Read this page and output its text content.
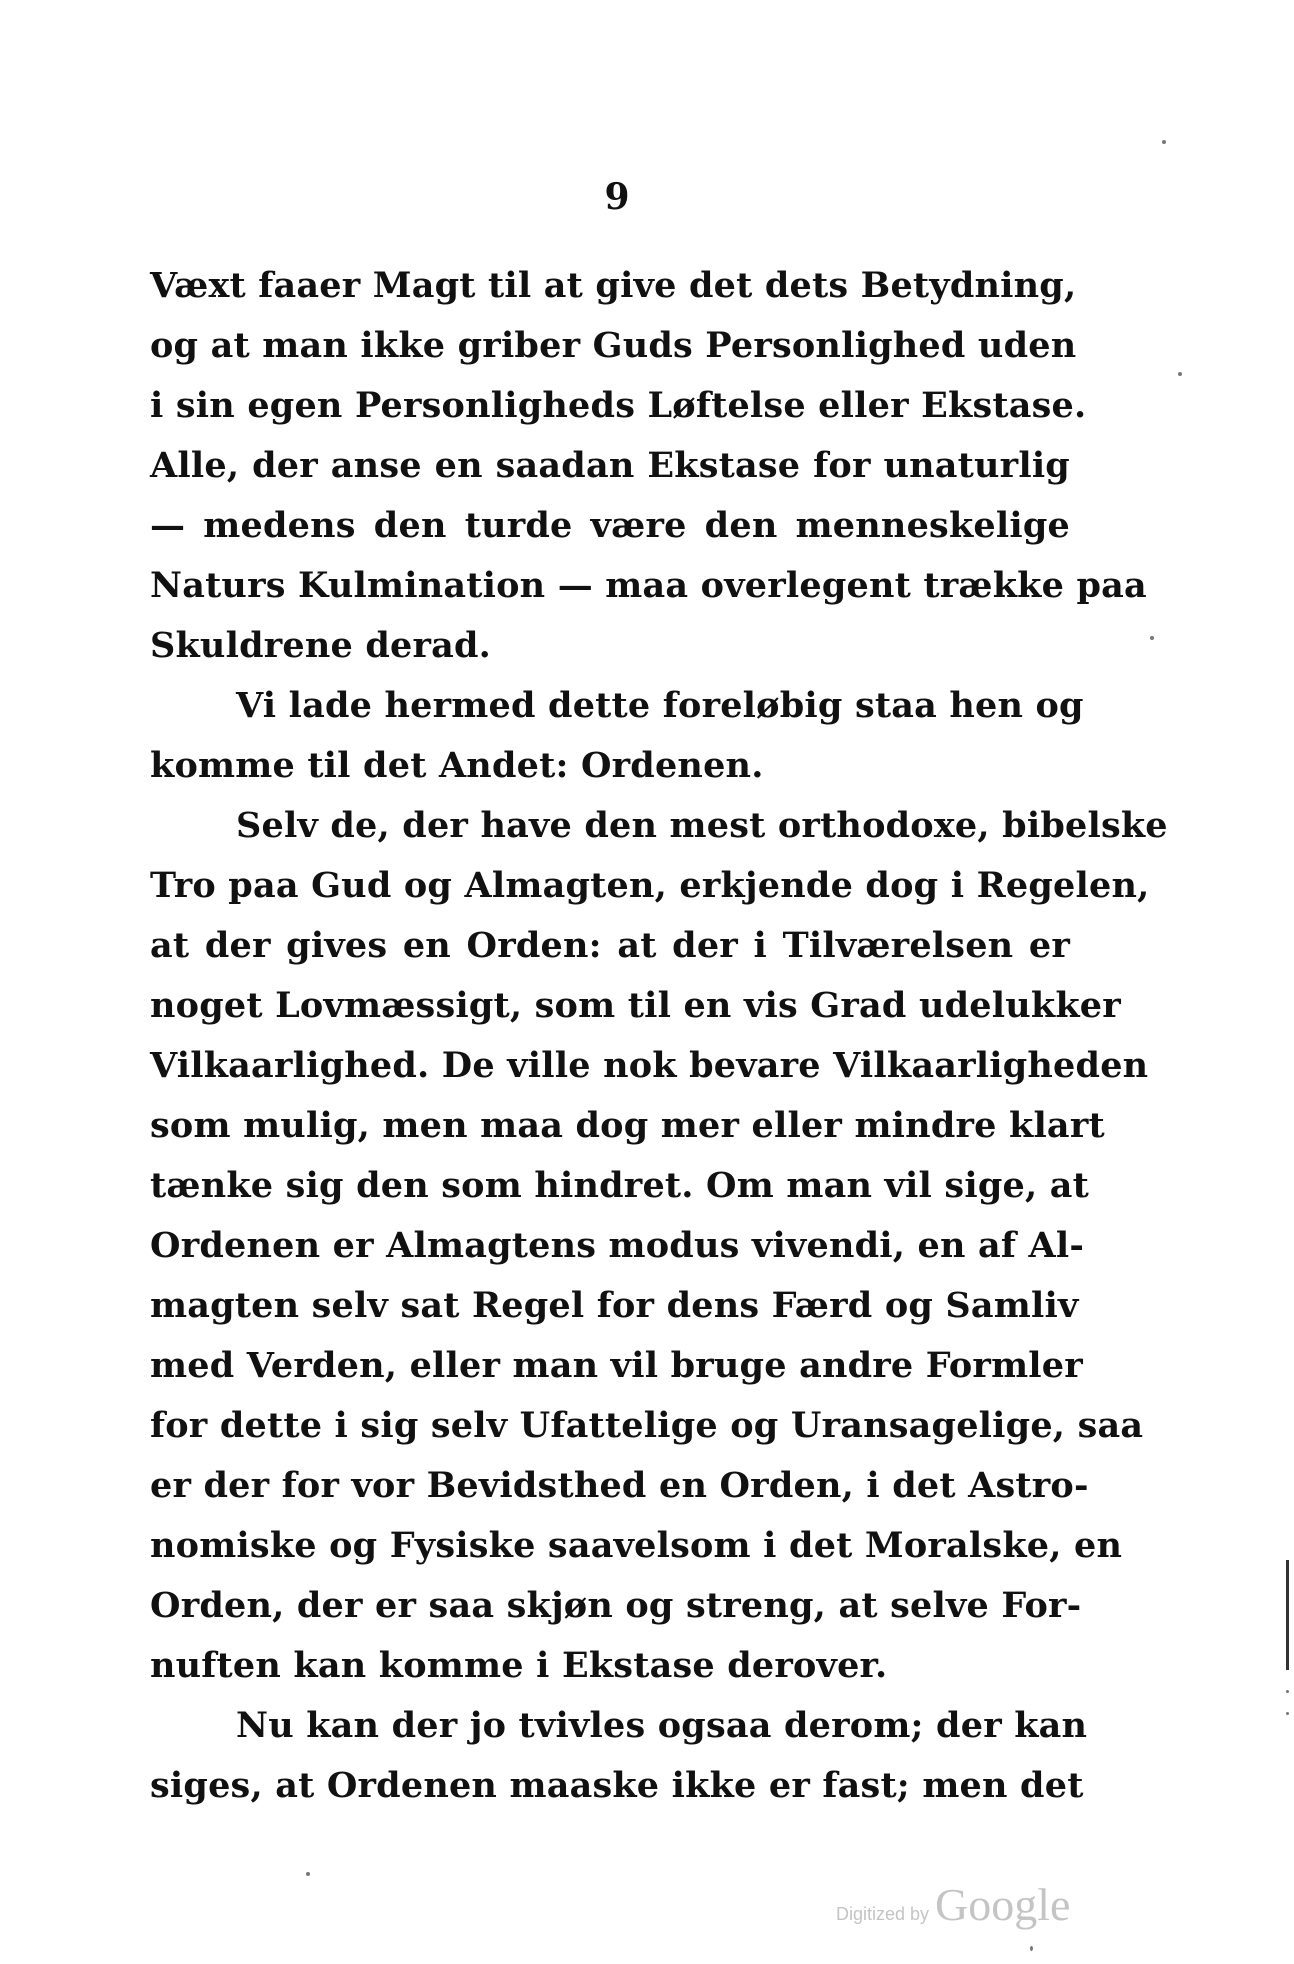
9
Væxt faaer Magt til at give det dets Betydning,
og at man ikke griber Guds Personlighed uden
i sin egen Personligheds Løftelse eller Ekstase.
Alle, der anse en saadan Ekstase for unaturlig
— medens den turde være den menneskelige
Naturs Kulmination — maa overlegent trække paa
Skuldrene derad.
Vi lade hermed dette foreløbig staa hen og
komme til det Andet: Ordenen.
Selv de, der have den mest orthodoxe, bibelske
Tro paa Gud og Almagten, erkjende dog i Regelen,
at der gives en Orden: at der i Tilværelsen er
noget Lovmæssigt, som til en vis Grad udelukker
Vilkaarlighed. De ville nok bevare Vilkaarligheden
som mulig, men maa dog mer eller mindre klart
tænke sig den som hindret. Om man vil sige, at
Ordenen er Almagtens modus vivendi, en af Al-
magten selv sat Regel for dens Færd og Samliv
med Verden, eller man vil bruge andre Formler
for dette i sig selv Ufattelige og Uransagelige, saa
er der for vor Bevidsthed en Orden, i det Astro-
nomiske og Fysiske saavelsom i det Moralske, en
Orden, der er saa skjøn og streng, at selve For-
nuften kan komme i Ekstase derover.
Nu kan der jo tvivles ogsaa derom; der kan
siges, at Ordenen maaske ikke er fast; men det
Digitized by Google
